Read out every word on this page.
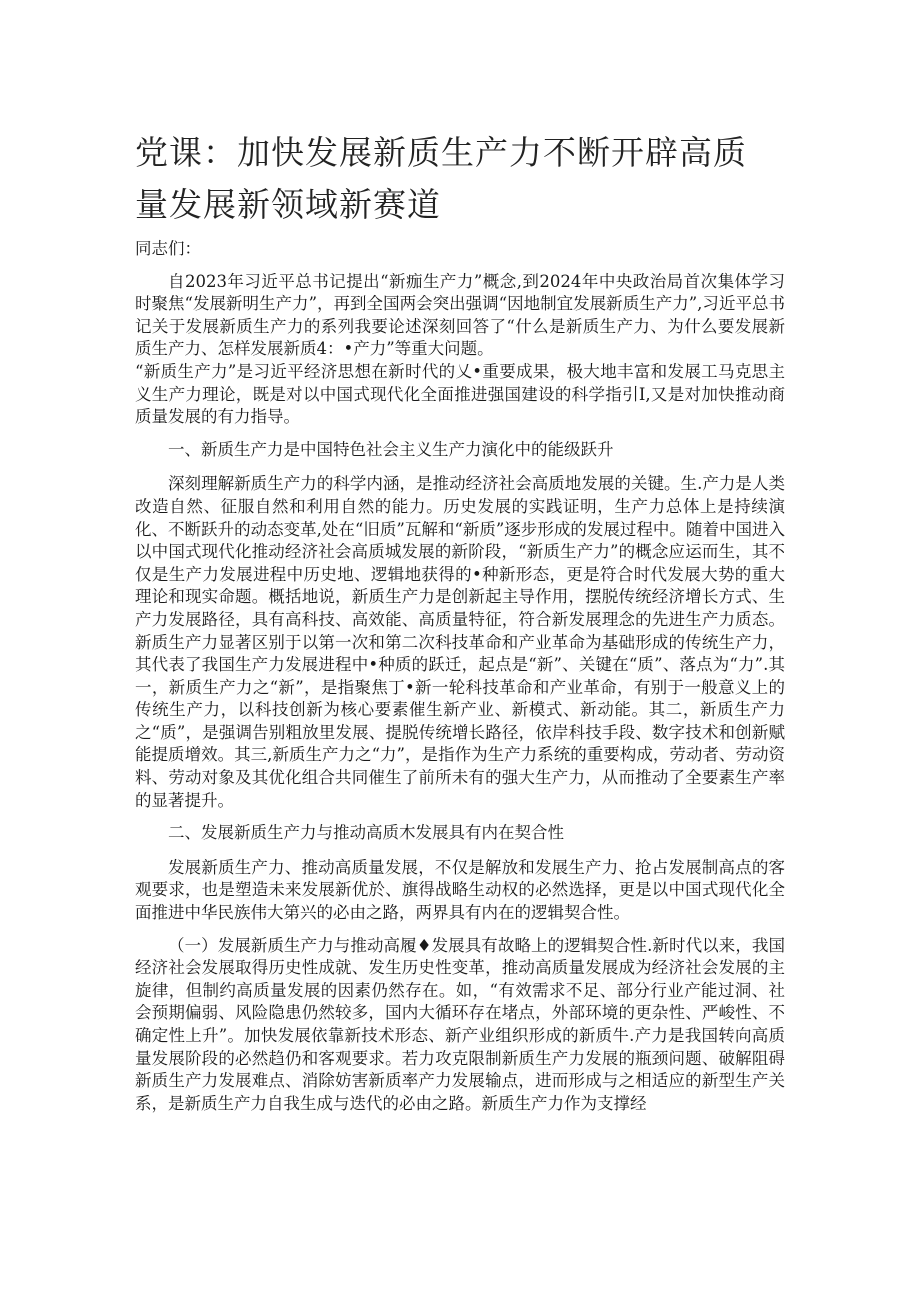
党课：加快发展新质生产力不断开辟高质量发展新领域新赛道

同志们：

自2023年习近平总书记提出“新痂生产力”概念,到2024年中央政治局首次集体学习时聚焦“发展新明生产力”，再到全国两会突出强调“因地制宜发展新质生产力”,习近平总书记关于发展新质生产力的系列我要论述深刻回答了“什么是新质生产力、为什么要发展新质生产力、怎样发展新质4：•产力”等重大问题。

“新质生产力”是习近平经济思想在新时代的乂•重要成果，极大地丰富和发展工马克思主义生产力理论，既是对以中国式现代化全面推进强国建设的科学指引I,又是对加快推动商质量发展的有力指导。

一、新质生产力是中国特色社会主义生产力演化中的能级跃升

深刻理解新质生产力的科学内涵，是推动经济社会高质地发展的关键。生.产力是人类改造自然、征服自然和利用自然的能力。历史发展的实践证明，生产力总体上是持续演化、不断跃升的动态变革,处在“旧质”瓦解和“新质”逐步形成的发展过程中。随着中国进入以中国式现代化推动经济社会高质城发展的新阶段，“新质生产力”的概念应运而生，其不仅是生产力发展进程中历史地、逻辑地获得的•种新形态，更是符合时代发展大势的重大理论和现实命题。概括地说，新质生产力是创新起主导作用，摆脱传统经济增长方式、生产力发展路径，具有高科技、高效能、高质量特征，符合新发展理念的先进生产力质态。新质生产力显著区别于以第一次和第二次科技革命和产业革命为基础形成的传统生产力，其代表了我国生产力发展进程中•种质的跃迁，起点是“新”、关键在“质”、落点为“力”.其一，新质生产力之“新”，是指聚焦丁•新一轮科技革命和产业革命，有别于一般意义上的传统生产力，以科技创新为核心要素催生新产业、新模式、新动能。其二，新质生产力之“质”，是强调告别粗放里发展、提脱传统增长路径，依岸科技手段、数字技术和创新赋能提质增效。其三,新质生产力之“力”，是指作为生产力系统的重要构成，劳动者、劳动资料、劳动对象及其优化组合共同催生了前所未有的强大生产力，从而推动了全要素生产率的显著提升。

二、发展新质生产力与推动高质木发展具有内在契合性

发展新质生产力、推动高质量发展，不仅是解放和发展生产力、抢占发展制高点的客观要求，也是塑造未来发展新优於、旗得战略生动权的必然选择，更是以中国式现代化全面推进中华民族伟大第兴的必由之路，两界具有内在的逻辑契合性。

（一）发展新质生产力与推动高履♦发展具有故略上的逻辑契合性.新时代以来，我国经济社会发展取得历史性成就、发生历史性变革，推动高质量发展成为经济社会发展的主旋律，但制约高质量发展的因素仍然存在。如，“有效需求不足、部分行业产能过洞、社会预期偏弱、风险隐患仍然较多，国内大循环存在堵点，外部环境的更杂性、严峻性、不确定性上升”。加快发展依靠新技术形态、新产业组织形成的新质牛.产力是我国转向高质量发展阶段的必然趋仍和客观要求。若力攻克限制新质生产力发展的瓶颈问题、破解阻碍新质生产力发展难点、消除妨害新质率产力发展输点，进而形成与之相适应的新型生产关系，是新质生产力自我生成与迭代的必由之路。新质生产力作为支撑经
